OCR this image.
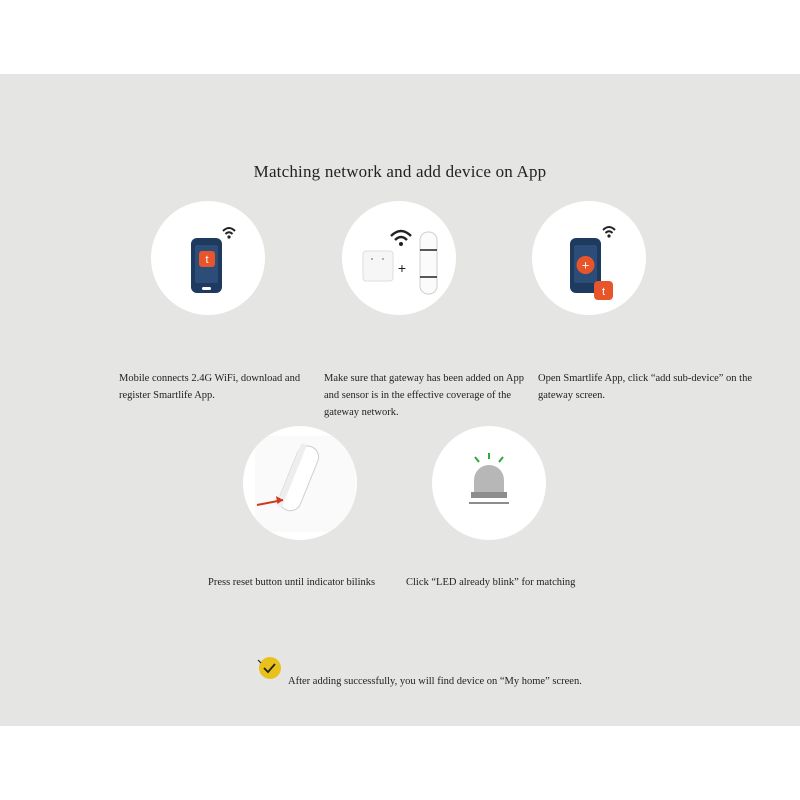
Matching network and add device on App
t
Mobile connects 2.4G WiFi, download and register Smartlife App.
+
Make sure that gateway has been added on App and sensor is in the effective coverage of the gateway network.
+
t
Open Smartlife App, click “add sub-device” on the gateway screen.
Press reset button until indicator bilinks	Click “LED already blink” for matching
After adding successfully, you will find device on “My home” screen.
